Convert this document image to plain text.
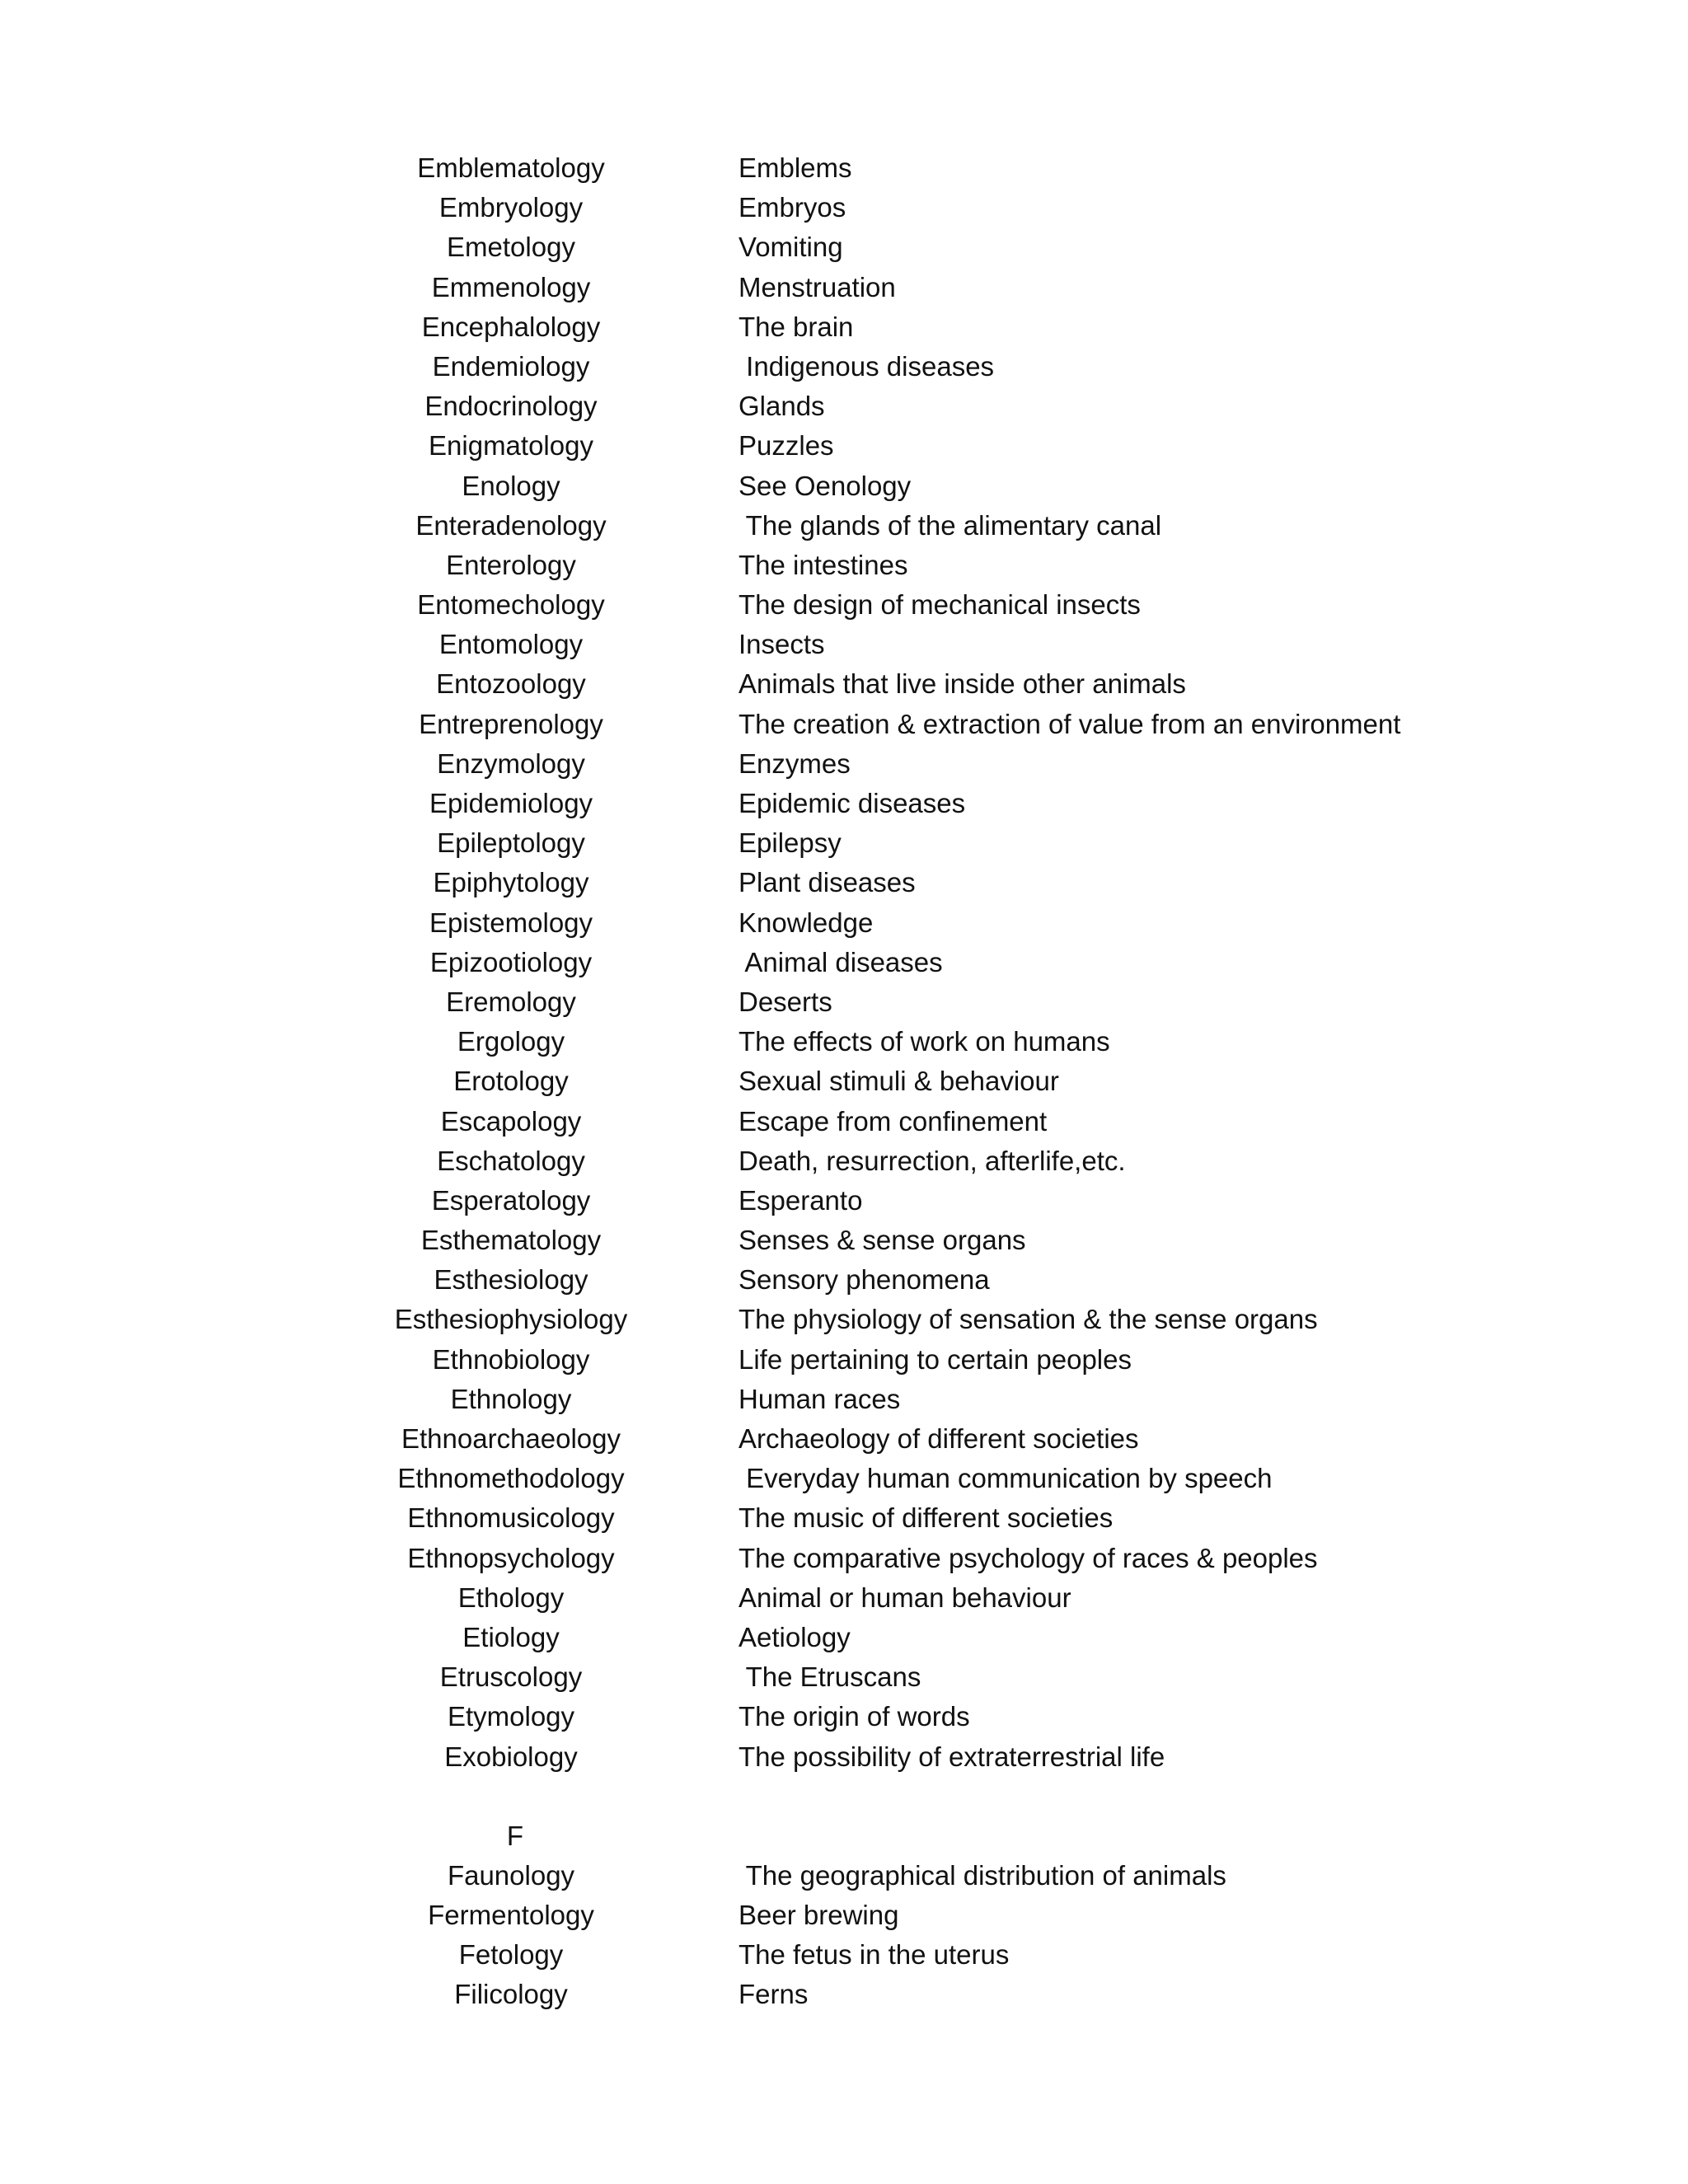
Emblematology	Emblems
Embryology	Embryos
Emetology	Vomiting
Emmenology	Menstruation
Encephalology	The brain
Endemiology	Indigenous diseases
Endocrinology	Glands
Enigmatology	Puzzles
Enology	See Oenology
Enteradenology	The glands of the alimentary canal
Enterology	The intestines
Entomechology	The design of mechanical insects
Entomology	Insects
Entozoology	Animals that live inside other animals
Entreprenology	The creation & extraction of value from an environment
Enzymology	Enzymes
Epidemiology	Epidemic diseases
Epileptology	Epilepsy
Epiphytology	Plant diseases
Epistemology	Knowledge
Epizootiology	Animal diseases
Eremology	Deserts
Ergology	The effects of work on humans
Erotology	Sexual stimuli & behaviour
Escapology	Escape from confinement
Eschatology	Death, resurrection, afterlife,etc.
Esperatology	Esperanto
Esthematology	Senses & sense organs
Esthesiology	Sensory phenomena
Esthesiophysiology	The physiology of sensation & the sense organs
Ethnobiology	Life pertaining to certain peoples
Ethnology	Human races
Ethnoarchaeology	Archaeology of different societies
Ethnomethodology	Everyday human communication by speech
Ethnomusicology	The music of different societies
Ethnopsychology	The comparative psychology of races & peoples
Ethology	Animal or human behaviour
Etiology	Aetiology
Etruscology	The Etruscans
Etymology	The origin of words
Exobiology	The possibility of extraterrestrial life
F
Faunology	The geographical distribution of animals
Fermentology	Beer brewing
Fetology	The fetus in the uterus
Filicology	Ferns
